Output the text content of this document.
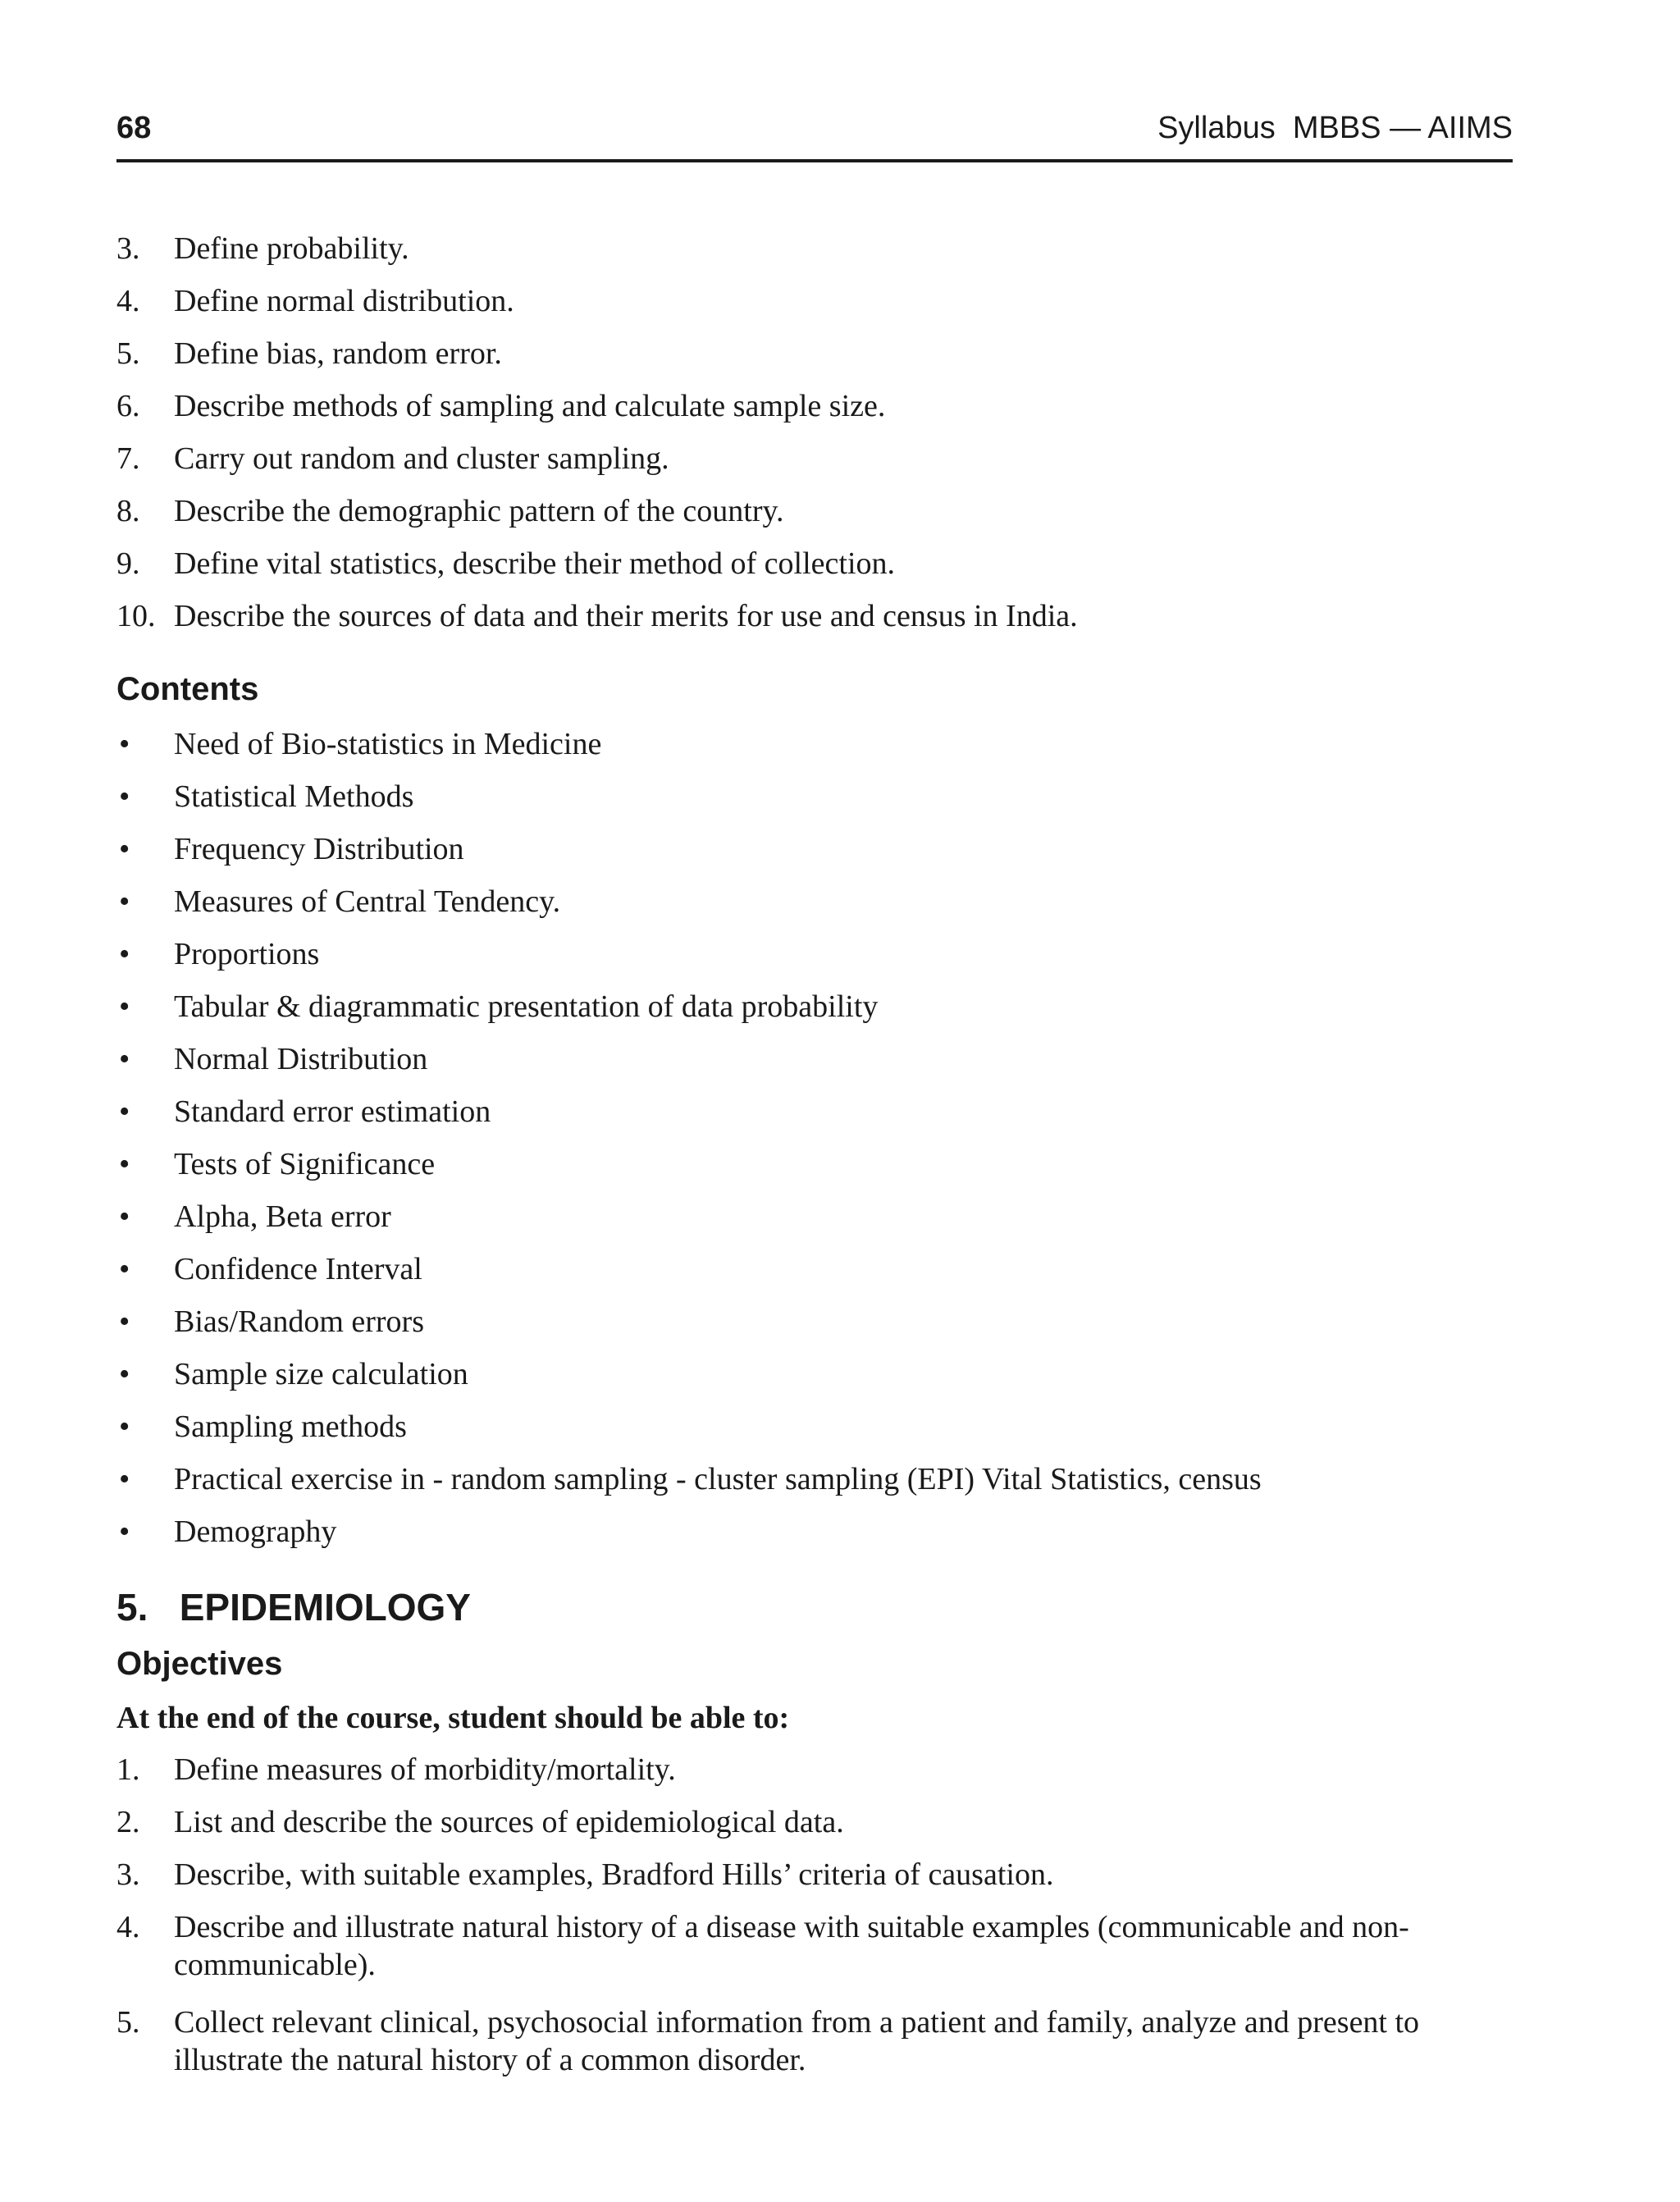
68	Syllabus  MBBS — AIIMS
3. Define probability.
4. Define normal distribution.
5. Define bias, random error.
6. Describe methods of sampling and calculate sample size.
7. Carry out random and cluster sampling.
8. Describe the demographic pattern of the country.
9. Define vital statistics, describe their method of collection.
10. Describe the sources of data and their merits for use and census in India.
Contents
• Need of Bio-statistics in Medicine
• Statistical Methods
• Frequency Distribution
• Measures of Central Tendency.
• Proportions
• Tabular & diagrammatic presentation of data probability
• Normal Distribution
• Standard error estimation
• Tests of Significance
• Alpha, Beta error
• Confidence Interval
• Bias/Random errors
• Sample size calculation
• Sampling methods
• Practical exercise in - random sampling - cluster sampling (EPI) Vital Statistics, census
• Demography
5.   EPIDEMIOLOGY
Objectives

At the end of the course, student should be able to:

1. Define measures of morbidity/mortality.
2. List and describe the sources of epidemiological data.
3. Describe, with suitable examples, Bradford Hills’ criteria of causation.
4. Describe and illustrate natural history of a disease with suitable examples (communicable and non-communicable).
5. Collect relevant clinical, psychosocial information from a patient and family, analyze and present to illustrate the natural history of a common disorder.
